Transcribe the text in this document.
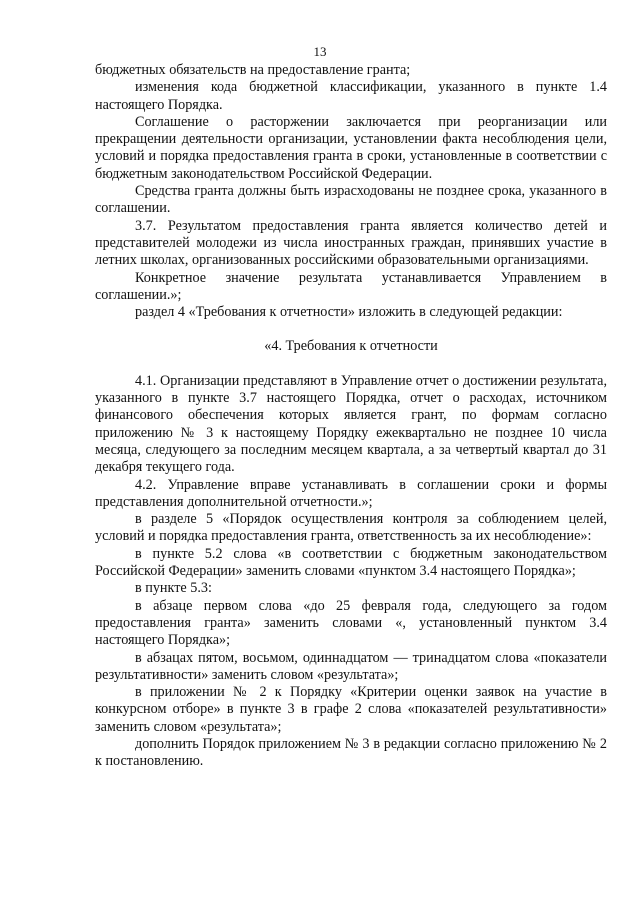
13

бюджетных обязательств на предоставление гранта;

изменения кода бюджетной классификации, указанного в пункте 1.4 настоящего Порядка.

Соглашение о расторжении заключается при реорганизации или прекращении деятельности организации, установлении факта несоблюдения цели, условий и порядка предоставления гранта в сроки, установленные в соответствии с бюджетным законодательством Российской Федерации.

Средства гранта должны быть израсходованы не позднее срока, указанного в соглашении.

3.7. Результатом предоставления гранта является количество детей и представителей молодежи из числа иностранных граждан, принявших участие в летних школах, организованных российскими образовательными организациями.

Конкретное значение результата устанавливается Управлением в соглашении.»;

раздел 4 «Требования к отчетности» изложить в следующей редакции:

«4. Требования к отчетности

4.1. Организации представляют в Управление отчет о достижении результата, указанного в пункте 3.7 настоящего Порядка, отчет о расходах, источником финансового обеспечения которых является грант, по формам согласно приложению № 3 к настоящему Порядку ежеквартально не позднее 10 числа месяца, следующего за последним месяцем квартала, а за четвертый квартал до 31 декабря текущего года.

4.2. Управление вправе устанавливать в соглашении сроки и формы представления дополнительной отчетности.»;

в разделе 5 «Порядок осуществления контроля за соблюдением целей, условий и порядка предоставления гранта, ответственность за их несоблюдение»:

в пункте 5.2 слова «в соответствии с бюджетным законодательством Российской Федерации» заменить словами «пунктом 3.4 настоящего Порядка»;

в пункте 5.3:

в абзаце первом слова «до 25 февраля года, следующего за годом предоставления гранта» заменить словами «, установленный пунктом 3.4 настоящего Порядка»;

в абзацах пятом, восьмом, одиннадцатом — тринадцатом слова «показатели результативности» заменить словом «результата»;

в приложении № 2 к Порядку «Критерии оценки заявок на участие в конкурсном отборе» в пункте 3 в графе 2 слова «показателей результативности» заменить словом «результата»;

дополнить Порядок приложением № 3 в редакции согласно приложению № 2 к постановлению.
